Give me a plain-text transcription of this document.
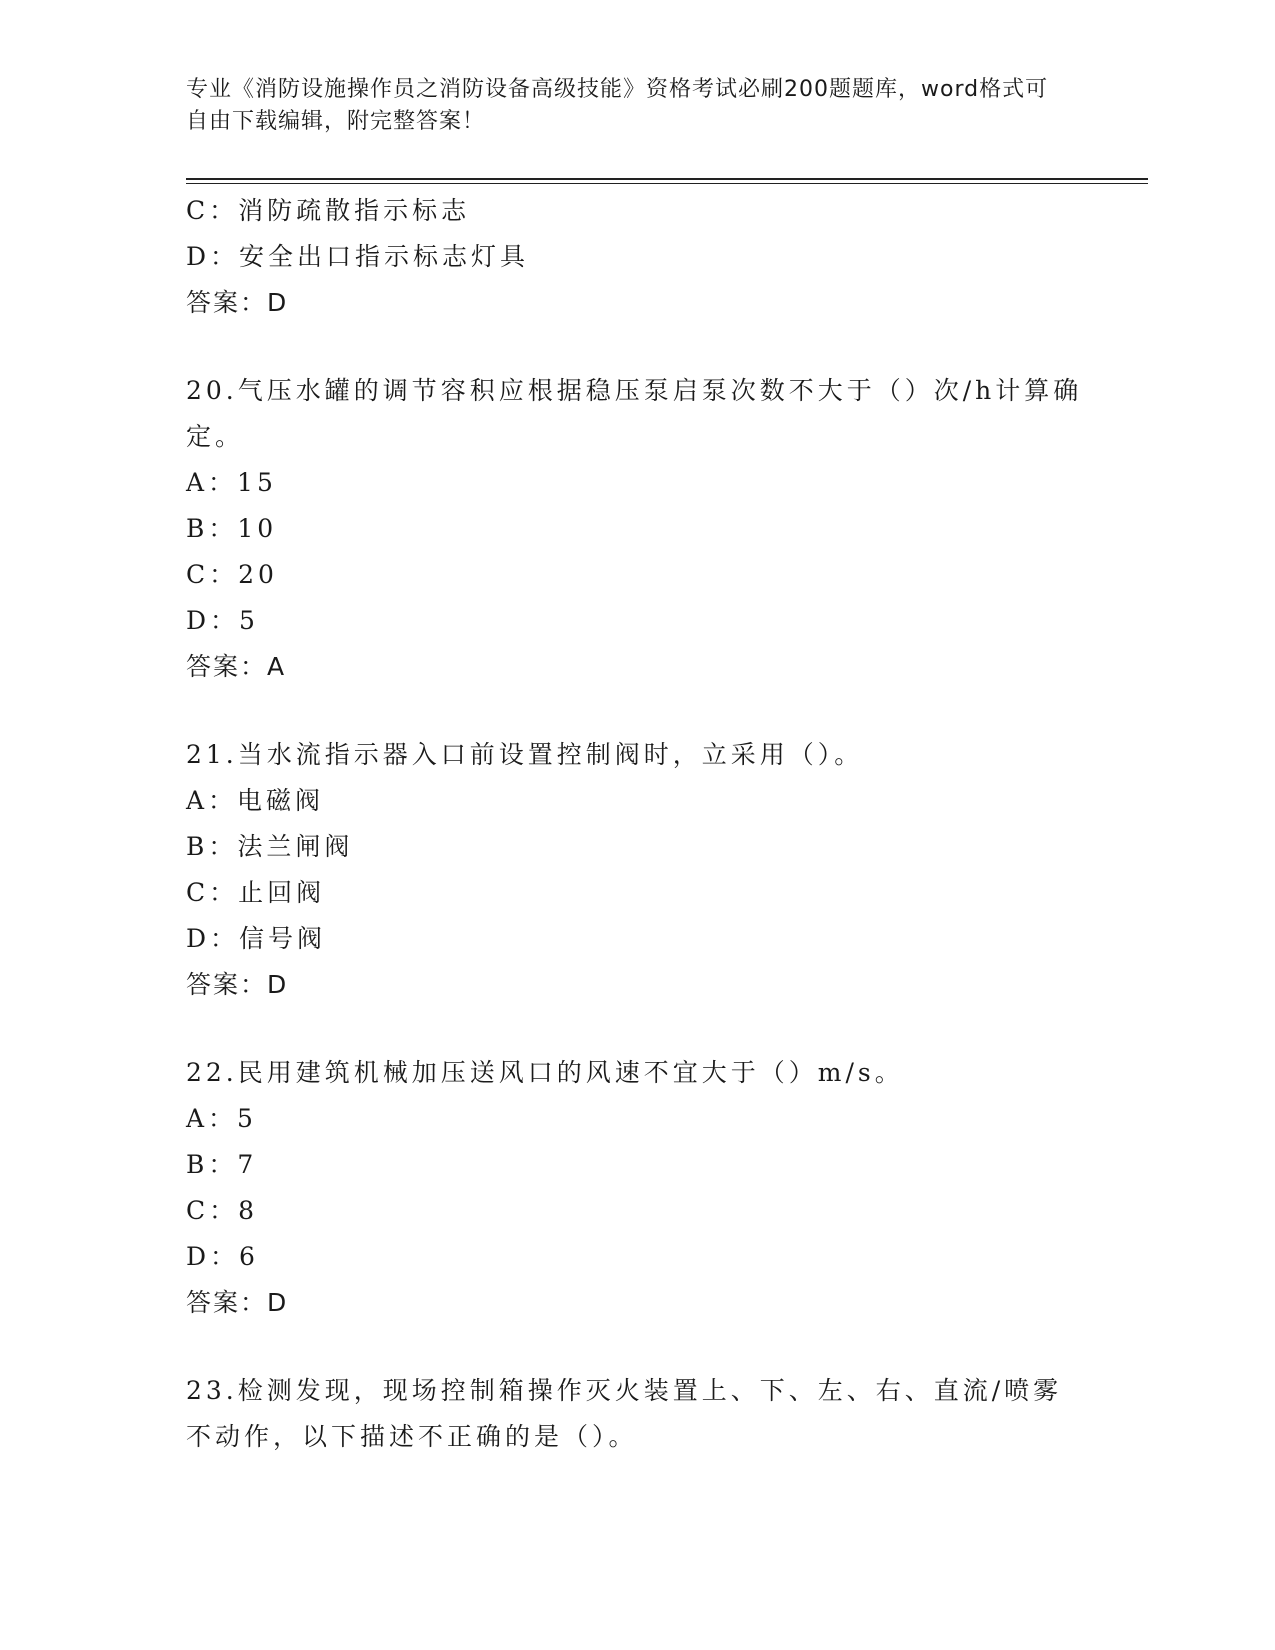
专业《消防设施操作员之消防设备高级技能》资格考试必刷200题题库，word格式可自由下载编辑，附完整答案！
C：消防疏散指示标志
D：安全出口指示标志灯具
答案：D
20.气压水罐的调节容积应根据稳压泵启泵次数不大于（）次/h计算确定。
A：15
B：10
C：20
D：5
答案：A
21.当水流指示器入口前设置控制阀时，立采用（）。
A：电磁阀
B：法兰闸阀
C：止回阀
D：信号阀
答案：D
22.民用建筑机械加压送风口的风速不宜大于（）m/s。
A：5
B：7
C：8
D：6
答案：D
23.检测发现，现场控制箱操作灭火装置上、下、左、右、直流/喷雾不动作，以下描述不正确的是（）。
